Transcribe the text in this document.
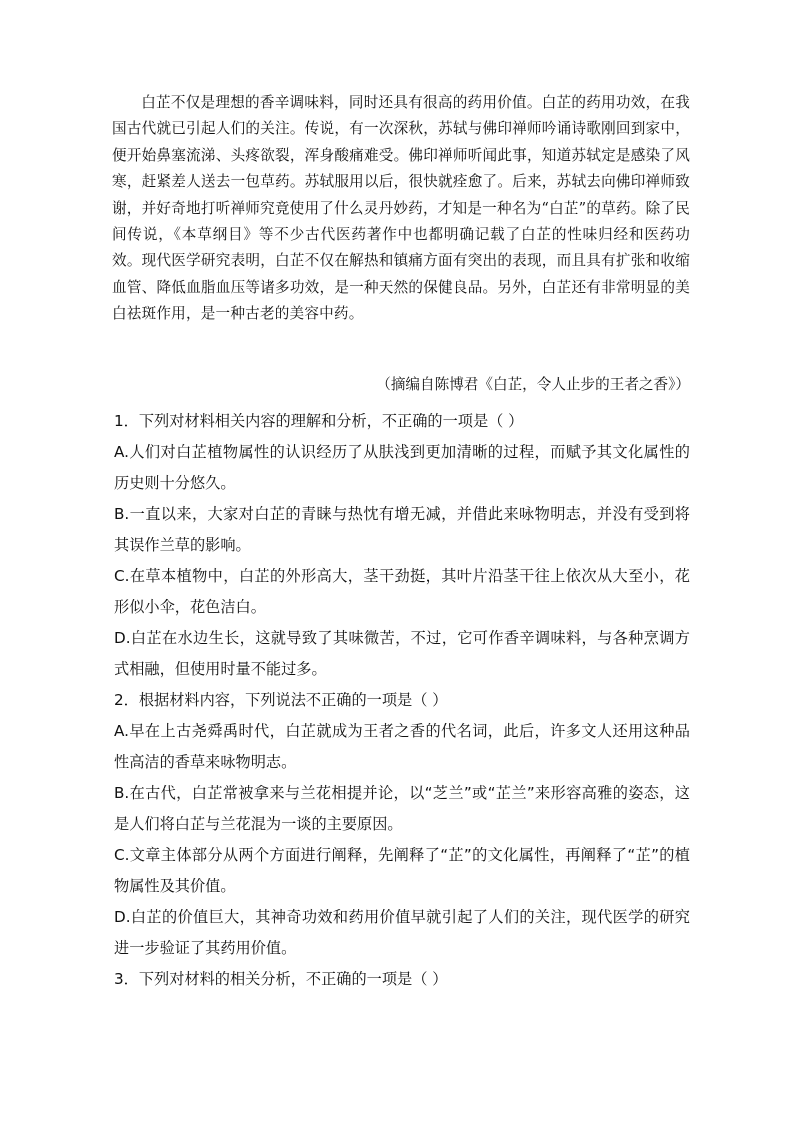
白芷不仅是理想的香辛调味料，同时还具有很高的药用价值。白芷的药用功效，在我国古代就已引起人们的关注。传说，有一次深秋，苏轼与佛印禅师吟诵诗歌刚回到家中，便开始鼻塞流涕、头疼欲裂，浑身酸痛难受。佛印禅师听闻此事，知道苏轼定是感染了风寒，赶紧差人送去一包草药。苏轼服用以后，很快就痊愈了。后来，苏轼去向佛印禅师致谢，并好奇地打听禅师究竟使用了什么灵丹妙药，才知是一种名为“白芷”的草药。除了民间传说，《本草纲目》等不少古代医药著作中也都明确记载了白芷的性味归经和医药功效。现代医学研究表明，白芷不仅在解热和镇痛方面有突出的表现，而且具有扩张和收缩血管、降低血脂血压等诸多功效，是一种天然的保健良品。另外，白芷还有非常明显的美白祛斑作用，是一种古老的美容中药。

（摘编自陈博君《白芷，令人止步的王者之香》）

1．下列对材料相关内容的理解和分析，不正确的一项是（ ）

A.人们对白芷植物属性的认识经历了从肤浅到更加清晰的过程，而赋予其文化属性的历史则十分悠久。

B.一直以来，大家对白芷的青睐与热忱有增无减，并借此来咏物明志，并没有受到将其误作兰草的影响。

C.在草本植物中，白芷的外形高大，茎干劲挺，其叶片沿茎干往上依次从大至小，花形似小伞，花色洁白。

D.白芷在水边生长，这就导致了其味微苦，不过，它可作香辛调味料，与各种烹调方式相融，但使用时量不能过多。

2．根据材料内容，下列说法不正确的一项是（ ）

A.早在上古尧舜禹时代，白芷就成为王者之香的代名词，此后，许多文人还用这种品性高洁的香草来咏物明志。

B.在古代，白芷常被拿来与兰花相提并论，以“芝兰”或“芷兰”来形容高雅的姿态，这是人们将白芷与兰花混为一谈的主要原因。

C.文章主体部分从两个方面进行阐释，先阐释了“芷”的文化属性，再阐释了“芷”的植物属性及其价值。

D.白芷的价值巨大，其神奇功效和药用价值早就引起了人们的关注，现代医学的研究进一步验证了其药用价值。

3．下列对材料的相关分析，不正确的一项是（ ）
